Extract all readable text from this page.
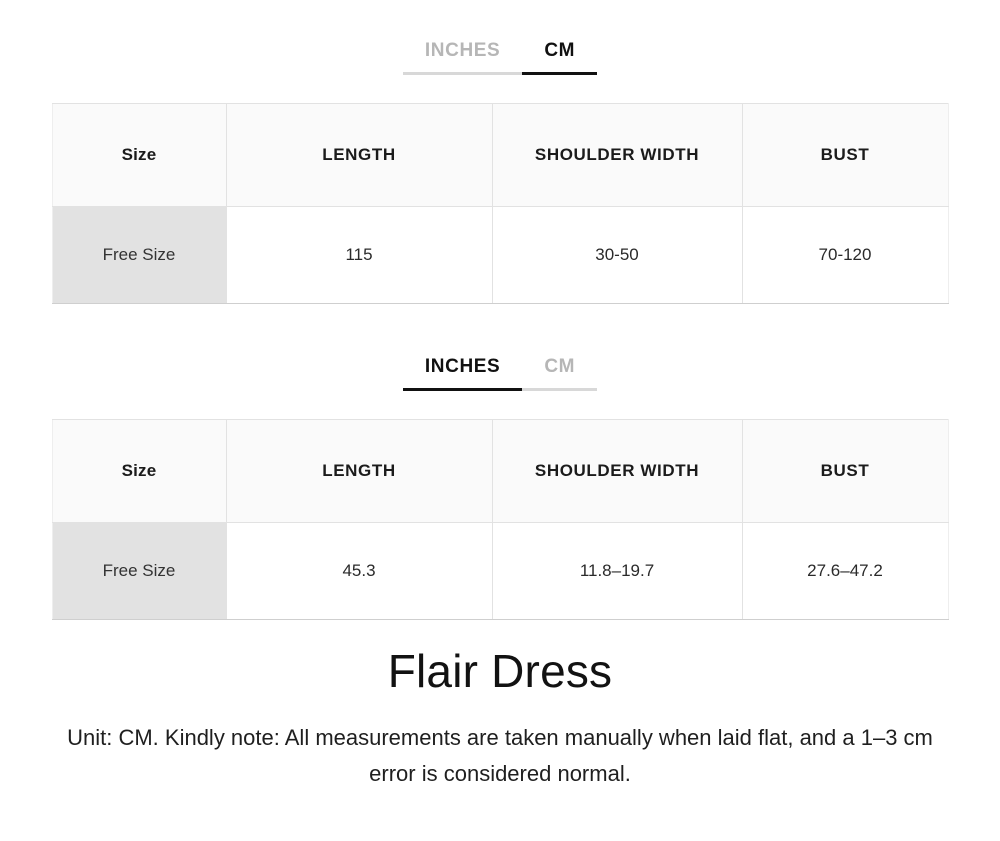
INCHES	CM
Size	LENGTH	SHOULDER WIDTH	BUST
Free Size	115	30-50	70-120
INCHES	CM
Size	LENGTH	SHOULDER WIDTH	BUST
Free Size	45.3	11.8–19.7	27.6–47.2
Flair Dress

Unit: CM. Kindly note: All measurements are taken manually when laid flat, and a 1–3 cm error is considered normal.
